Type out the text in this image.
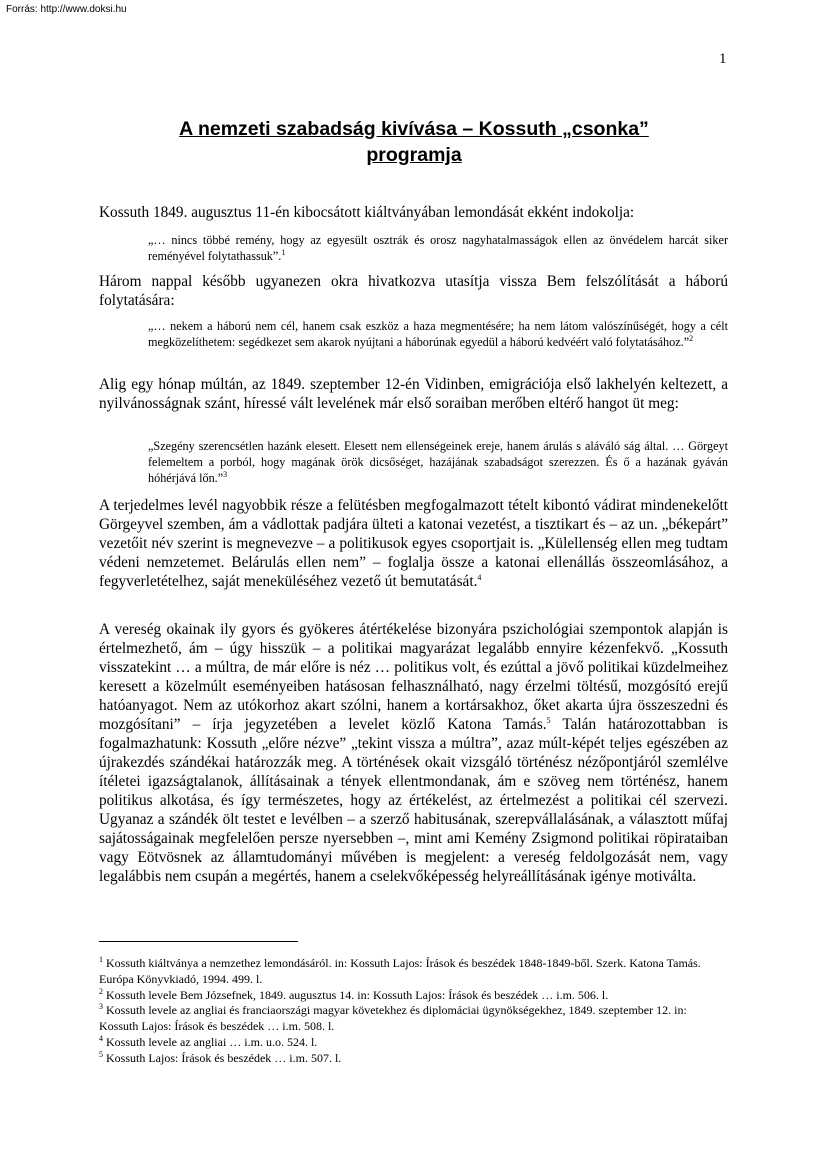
Forrás: http://www.doksi.hu
1
A nemzeti szabadság kivívása – Kossuth „csonka”
programja

Kossuth 1849. augusztus 11-én kibocsátott kiáltványában lemondását ekként indokolja:

„… nincs többé remény, hogy az egyesült osztrák és orosz nagyhatalmasságok ellen az önvédelem harcát siker reményével folytathassuk”.$^1$

Három nappal később ugyanezen okra hivatkozva utasítja vissza Bem felszólítását a háború folytatására:

„… nekem a háború nem cél, hanem csak eszköz a haza megmentésére; ha nem látom valószínűségét, hogy a célt megközelíthetem: segédkezet sem akarok nyújtani a háborúnak egyedül a háború kedvéért való folytatásához.”$^2$

Alig egy hónap múltán, az 1849. szeptember 12-én Vidinben, emigrációja első lakhelyén keltezett, a nyilvánosságnak szánt, híressé vált levelének már első soraiban merőben eltérő hangot üt meg:

„Szegény szerencsétlen hazánk elesett. Elesett nem ellenségeinek ereje, hanem árulás s aláváló ság által. … Görgeyt felemeltem a porból, hogy magának örök dicsőséget, hazájának szabadságot szerezzen. És ő a hazának gyáván hóhérjává lőn.”$^3$

A terjedelmes levél nagyobbik része a felütésben megfogalmazott tételt kibontó vádirat mindenekelőtt Görgeyvel szemben, ám a vádlottak padjára ülteti a katonai vezetést, a tisztikart és – az un. „békepárt” vezetőit név szerint is megnevezve – a politikusok egyes csoportjait is. „Külellenség ellen meg tudtam védeni nemzetemet. Belárulás ellen nem” – foglalja össze a katonai ellenállás összeomlásához, a fegyverletételhez, saját meneküléséhez vezető út bemutatását.$^4$

A vereség okainak ily gyors és gyökeres átértékelése bizonyára pszichológiai szempontok alapján is értelmezhető, ám – úgy hisszük – a politikai magyarázat legalább ennyire kézenfekvő. „Kossuth visszatekint … a múltra, de már előre is néz … politikus volt, és ezúttal a jövő politikai küzdelmeihez keresett a közelmúlt eseményeiben hatásosan felhasználható, nagy érzelmi töltésű, mozgósító erejű hatóanyagot. Nem az utókorhoz akart szólni, hanem a kortársakhoz, őket akarta újra összeszedni és mozgósítani” – írja jegyzetében a levelet közlő Katona Tamás.$^5$ Talán határozottabban is fogalmazhatunk: Kossuth „előre nézve” „tekint vissza a múltra”, azaz múlt-képét teljes egészében az újrakezdés szándékai határozzák meg. A történések okait vizsgáló történész nézőpontjáról szemlélve ítéletei igazságtalanok, állításainak a tények ellentmondanak, ám e szöveg nem történész, hanem politikus alkotása, és így természetes, hogy az értékelést, az értelmezést a politikai cél szervezi. Ugyanaz a szándék ölt testet e levélben – a szerző habitusának, szerepvállalásának, a választott műfaj sajátosságainak megfelelően persze nyersebben –, mint ami Kemény Zsigmond politikai röpirataiban vagy Eötvösnek az államtudományi művében is megjelent: a vereség feldolgozását nem, vagy legalábbis nem csupán a megértés, hanem a cselekvőképesség helyreállításának igénye motiválta.

$^1$ Kossuth kiáltványa a nemzethez lemondásáról. in: Kossuth Lajos: Írások és beszédek 1848-1849-ből. Szerk. Katona Tamás. Európa Könyvkiadó, 1994. 499. l.

$^2$ Kossuth levele Bem Józsefnek, 1849. augusztus 14. in: Kossuth Lajos: Írások és beszédek … i.m. 506. l.

$^3$ Kossuth levele az angliai és franciaországi magyar követekhez és diplomáciai ügynökségekhez, 1849. szeptember 12. in: Kossuth Lajos: Írások és beszédek … i.m. 508. l.

$^4$ Kossuth levele az angliai … i.m. u.o. 524. l.

$^5$ Kossuth Lajos: Írások és beszédek … i.m. 507. l.
